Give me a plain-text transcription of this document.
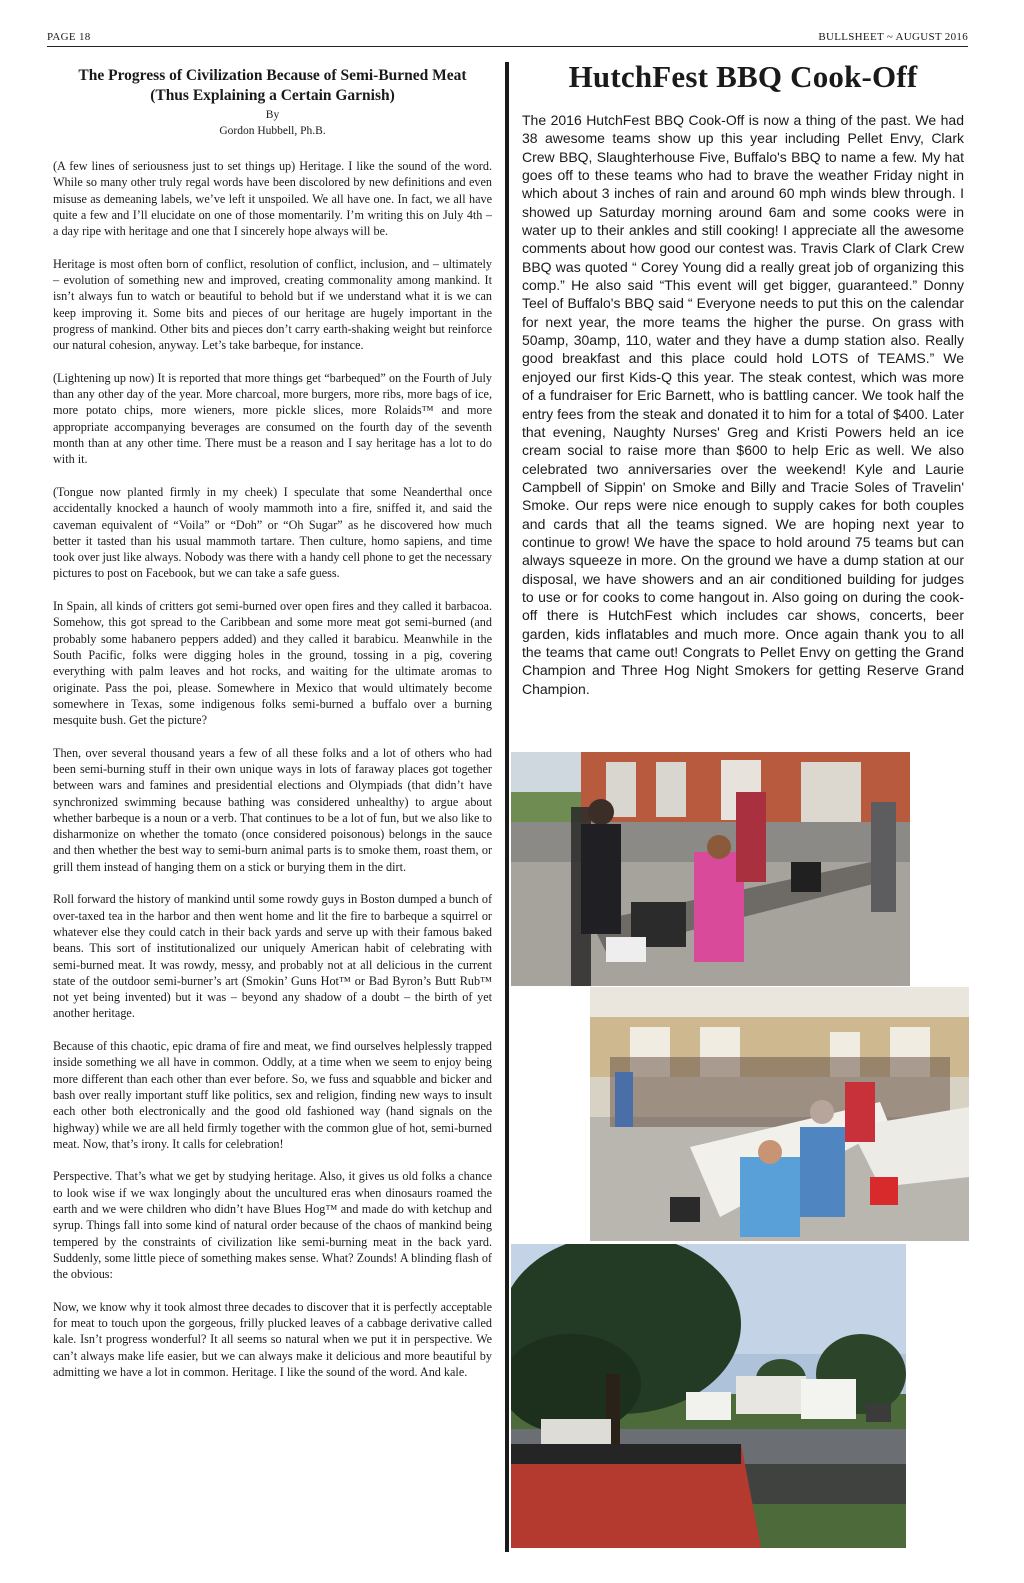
PAGE 18	BULLSHEET ~ AUGUST 2016
The Progress of Civilization Because of Semi-Burned Meat
(Thus Explaining a Certain Garnish)
By
Gordon Hubbell, Ph.B.

(A few lines of seriousness just to set things up) Heritage. I like the sound of the word. While so many other truly regal words have been discolored by new definitions and even misuse as demeaning labels, we’ve left it unspoiled. We all have one. In fact, we all have quite a few and I’ll elucidate on one of those momentarily. I’m writing this on July 4th – a day ripe with heritage and one that I sincerely hope always will be.

Heritage is most often born of conflict, resolution of conflict, inclusion, and – ultimately – evolution of something new and improved, creating commonality among mankind. It isn’t always fun to watch or beautiful to behold but if we understand what it is we can keep improving it. Some bits and pieces of our heritage are hugely important in the progress of mankind. Other bits and pieces don’t carry earth-shaking weight but reinforce our natural cohesion, anyway. Let’s take barbeque, for instance.

(Lightening up now) It is reported that more things get “barbequed” on the Fourth of July than any other day of the year. More charcoal, more burgers, more ribs, more bags of ice, more potato chips, more wieners, more pickle slices, more Rolaids™ and more appropriate accompanying beverages are consumed on the fourth day of the seventh month than at any other time. There must be a reason and I say heritage has a lot to do with it.

(Tongue now planted firmly in my cheek) I speculate that some Neanderthal once accidentally knocked a haunch of wooly mammoth into a fire, sniffed it, and said the caveman equivalent of “Voila” or “Doh” or “Oh Sugar” as he discovered how much better it tasted than his usual mammoth tartare. Then culture, homo sapiens, and time took over just like always. Nobody was there with a handy cell phone to get the necessary pictures to post on Facebook, but we can take a safe guess.

In Spain, all kinds of critters got semi-burned over open fires and they called it barbacoa. Somehow, this got spread to the Caribbean and some more meat got semi-burned (and probably some habanero peppers added) and they called it barabicu. Meanwhile in the South Pacific, folks were digging holes in the ground, tossing in a pig, covering everything with palm leaves and hot rocks, and waiting for the ultimate aromas to originate. Pass the poi, please. Somewhere in Mexico that would ultimately become somewhere in Texas, some indigenous folks semi-burned a buffalo over a burning mesquite bush. Get the picture?

Then, over several thousand years a few of all these folks and a lot of others who had been semi-burning stuff in their own unique ways in lots of faraway places got together between wars and famines and presidential elections and Olympiads (that didn’t have synchronized swimming because bathing was considered unhealthy) to argue about whether barbeque is a noun or a verb. That continues to be a lot of fun, but we also like to disharmonize on whether the tomato (once considered poisonous) belongs in the sauce and then whether the best way to semi-burn animal parts is to smoke them, roast them, or grill them instead of hanging them on a stick or burying them in the dirt.

Roll forward the history of mankind until some rowdy guys in Boston dumped a bunch of over-taxed tea in the harbor and then went home and lit the fire to barbeque a squirrel or whatever else they could catch in their back yards and serve up with their famous baked beans. This sort of institutionalized our uniquely American habit of celebrating with semi-burned meat. It was rowdy, messy, and probably not at all delicious in the current state of the outdoor semi-burner’s art (Smokin’ Guns Hot™ or Bad Byron’s Butt Rub™ not yet being invented) but it was – beyond any shadow of a doubt – the birth of yet another heritage.

Because of this chaotic, epic drama of fire and meat, we find ourselves helplessly trapped inside something we all have in common. Oddly, at a time when we seem to enjoy being more different than each other than ever before. So, we fuss and squabble and bicker and bash over really important stuff like politics, sex and religion, finding new ways to insult each other both electronically and the good old fashioned way (hand signals on the highway) while we are all held firmly together with the common glue of hot, semi-burned meat. Now, that’s irony. It calls for celebration!

Perspective. That’s what we get by studying heritage. Also, it gives us old folks a chance to look wise if we wax longingly about the uncultured eras when dinosaurs roamed the earth and we were children who didn’t have Blues Hog™ and made do with ketchup and syrup. Things fall into some kind of natural order because of the chaos of mankind being tempered by the constraints of civilization like semi-burning meat in the back yard. Suddenly, some little piece of something makes sense. What? Zounds! A blinding flash of the obvious:

Now, we know why it took almost three decades to discover that it is perfectly acceptable for meat to touch upon the gorgeous, frilly plucked leaves of a cabbage derivative called kale. Isn’t progress wonderful? It all seems so natural when we put it in perspective. We can’t always make life easier, but we can always make it delicious and more beautiful by admitting we have a lot in common. Heritage. I like the sound of the word. And kale.

HutchFest BBQ Cook-Off
The 2016 HutchFest BBQ Cook-Off is now a thing of the past. We had 38 awesome teams show up this year including Pellet Envy, Clark Crew BBQ, Slaughterhouse Five, Buffalo's BBQ to name a few. My hat goes off to these teams who had to brave the weather Friday night in which about 3 inches of rain and around 60 mph winds blew through. I showed up Saturday morning around 6am and some cooks were in water up to their ankles and still cooking! I appreciate all the awesome comments about how good our contest was. Travis Clark of Clark Crew BBQ was quoted “ Corey Young did a really great job of organizing this comp.” He also said “This event will get bigger, guaranteed.” Donny Teel of Buffalo's BBQ said “ Everyone needs to put this on the calendar for next year, the more teams the higher the purse. On grass with 50amp, 30amp, 110, water and they have a dump station also. Really good breakfast and this place could hold LOTS of TEAMS.” We enjoyed our first Kids-Q this year. The steak contest, which was more of a fundraiser for Eric Barnett, who is battling cancer. We took half the entry fees from the steak and donated it to him for a total of $400. Later that evening, Naughty Nurses' Greg and Kristi Powers held an ice cream social to raise more than $600 to help Eric as well. We also celebrated two anniversaries over the weekend! Kyle and Laurie Campbell of Sippin' on Smoke and Billy and Tracie Soles of Travelin' Smoke. Our reps were nice enough to supply cakes for both couples and cards that all the teams signed. We are hoping next year to continue to grow! We have the space to hold around 75 teams but can always squeeze in more. On the ground we have a dump station at our disposal, we have showers and an air conditioned building for judges to use or for cooks to come hangout in. Also going on during the cook-off there is HutchFest which includes car shows, concerts, beer garden, kids inflatables and much more. Once again thank you to all the teams that came out! Congrats to Pellet Envy on getting the Grand Champion and Three Hog Night Smokers for getting Reserve Grand Champion.
